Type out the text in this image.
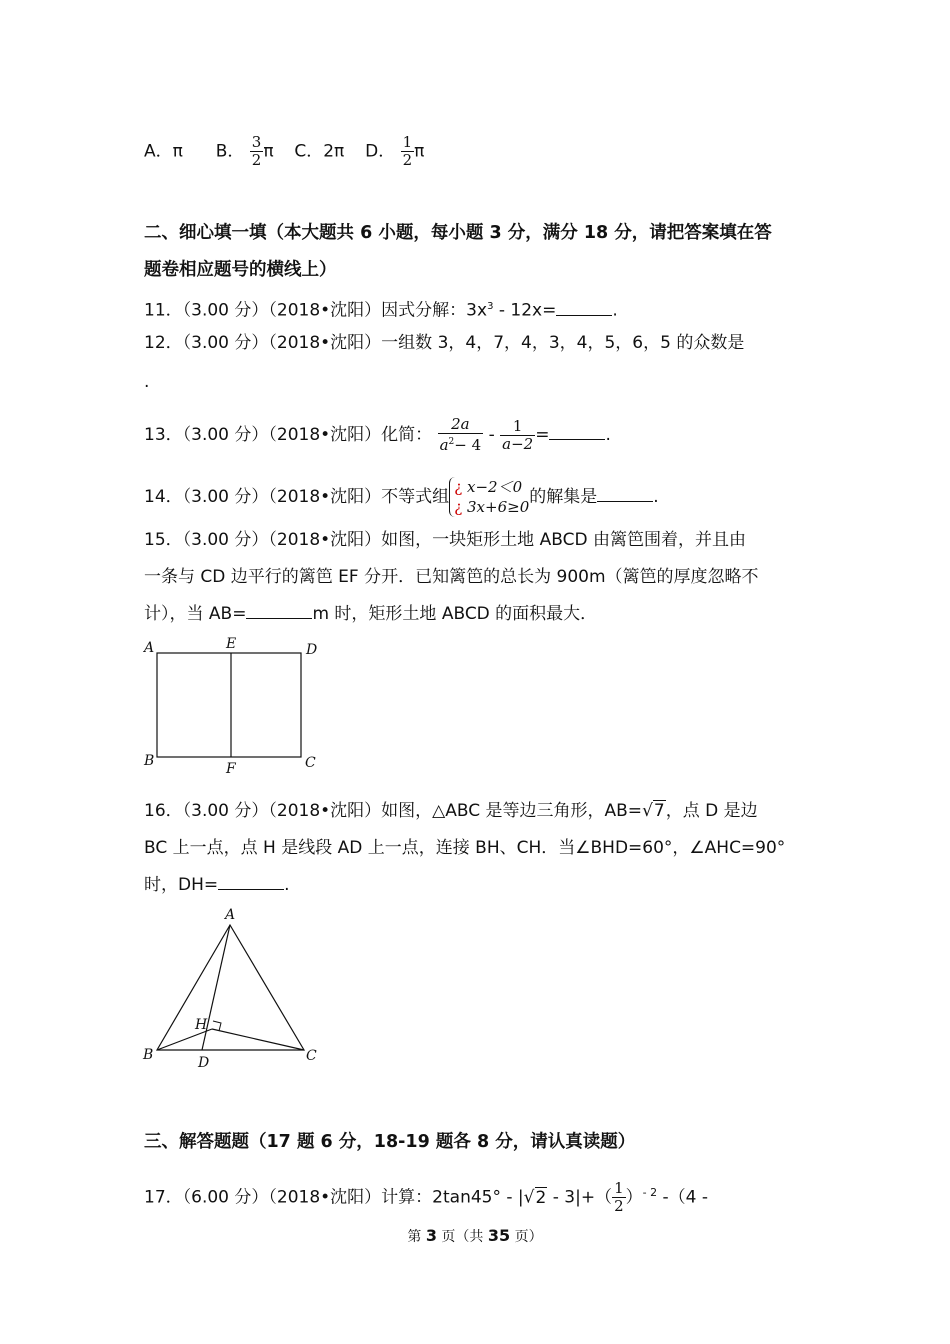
A．π B． $\frac{3}{2}$ π C．2π D． $\frac{1}{2}$ π
二、细心填一填（本大题共 6 小题，每小题 3 分，满分 18 分，请把答案填在答
题卷相应题号的横线上）
11．（3.00 分）（2018•沈阳）因式分解：$3x^3 - 12x=$	.
12．（3.00 分）（2018•沈阳）一组数 3，4，7，4，3，4，5，6，5 的众数是
.
13．（3.00 分）（2018•沈阳）化简： $\frac{2a}{a^2- 4} - \frac{1}{a-2}$ =	.
14．（3.00 分）（2018•沈阳）不等式组 ¿ x−2＜0
¿ 3x+6≥0 的解集是	.
15．（3.00 分）（2018•沈阳）如图，一块矩形土地 ABCD 由篱笆围着，并且由
一条与 CD 边平行的篱笆 EF 分开．已知篱笆的总长为 900m（篱笆的厚度忽略不
计），当 AB=	m 时，矩形土地 ABCD 的面积最大．
A	E	D
B	F	C
16．（3.00 分）（2018•沈阳）如图，△ABC 是等边三角形，AB=√7，点 D 是边
BC 上一点，点 H 是线段 AD 上一点，连接 BH、CH．当∠BHD=60°，∠AHC=90°
时，DH=	.
A
H
B	D	C
三、解答题题（17 题 6 分，18-19 题各 8 分，请认真读题）
17．（6.00 分）（2018•沈阳）计算：$2\tan 45^\circ - |√2 - 3|+( \frac{1}{2} )^{- 2}$ -（4 -
第 3 页（共 35 页）
